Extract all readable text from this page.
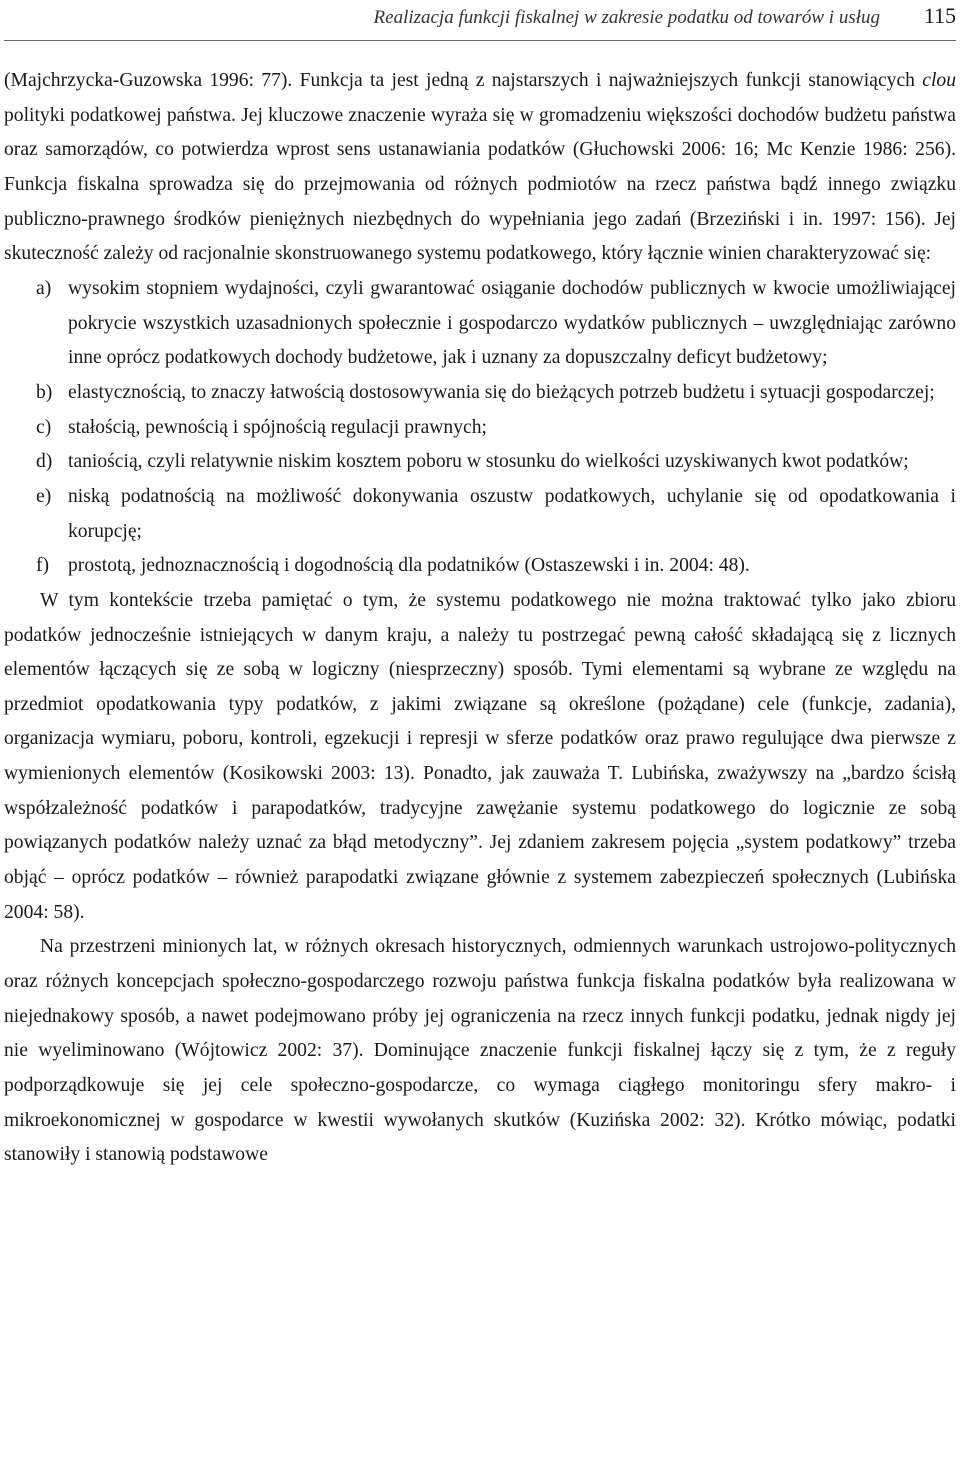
Realizacja funkcji fiskalnej w zakresie podatku od towarów i usług 115

(Majchrzycka-Guzowska 1996: 77). Funkcja ta jest jedną z najstarszych i najważniejszych funkcji stanowiących clou polityki podatkowej państwa. Jej kluczowe znaczenie wyraża się w gromadzeniu większości dochodów budżetu państwa oraz samorządów, co potwierdza wprost sens ustanawiania podatków (Głuchowski 2006: 16; Mc Kenzie 1986: 256). Funkcja fiskalna sprowadza się do przejmowania od różnych podmiotów na rzecz państwa bądź innego związku publiczno-prawnego środków pieniężnych niezbędnych do wypełniania jego zadań (Brzeziński i in. 1997: 156). Jej skuteczność zależy od racjonalnie skonstruowanego systemu podatkowego, który łącznie winien charakteryzować się:

a) wysokim stopniem wydajności, czyli gwarantować osiąganie dochodów publicznych w kwocie umożliwiającej pokrycie wszystkich uzasadnionych społecznie i gospodarczo wydatków publicznych – uwzględniając zarówno inne oprócz podatkowych dochody budżetowe, jak i uznany za dopuszczalny deficyt budżetowy;
b) elastycznością, to znaczy łatwością dostosowywania się do bieżących potrzeb budżetu i sytuacji gospodarczej;
c) stałością, pewnością i spójnością regulacji prawnych;
d) taniością, czyli relatywnie niskim kosztem poboru w stosunku do wielkości uzyskiwanych kwot podatków;
e) niską podatnością na możliwość dokonywania oszustw podatkowych, uchylanie się od opodatkowania i korupcję;
f) prostotą, jednoznacznością i dogodnością dla podatników (Ostaszewski i in. 2004: 48).

W tym kontekście trzeba pamiętać o tym, że systemu podatkowego nie można traktować tylko jako zbioru podatków jednocześnie istniejących w danym kraju, a należy tu postrzegać pewną całość składającą się z licznych elementów łączących się ze sobą w logiczny (niesprzeczny) sposób. Tymi elementami są wybrane ze względu na przedmiot opodatkowania typy podatków, z jakimi związane są określone (pożądane) cele (funkcje, zadania), organizacja wymiaru, poboru, kontroli, egzekucji i represji w sferze podatków oraz prawo regulujące dwa pierwsze z wymienionych elementów (Kosikowski 2003: 13). Ponadto, jak zauważa T. Lubińska, zważywszy na „bardzo ścisłą współzależność podatków i parapodatków, tradycyjne zawężanie systemu podatkowego do logicznie ze sobą powiązanych podatków należy uznać za błąd metodyczny”. Jej zdaniem zakresem pojęcia „system podatkowy” trzeba objąć – oprócz podatków – również parapodatki związane głównie z systemem zabezpieczeń społecznych (Lubińska 2004: 58).

Na przestrzeni minionych lat, w różnych okresach historycznych, odmiennych warunkach ustrojowo-politycznych oraz różnych koncepcjach społeczno-gospodarczego rozwoju państwa funkcja fiskalna podatków była realizowana w niejednakowy sposób, a nawet podejmowano próby jej ograniczenia na rzecz innych funkcji podatku, jednak nigdy jej nie wyeliminowano (Wójtowicz 2002: 37). Dominujące znaczenie funkcji fiskalnej łączy się z tym, że z reguły podporządkowuje się jej cele społeczno-gospodarcze, co wymaga ciągłego monitoringu sfery makro- i mikroekonomicznej w gospodarce w kwestii wywołanych skutków (Kuzińska 2002: 32). Krótko mówiąc, podatki stanowiły i stanowią podstawowe
